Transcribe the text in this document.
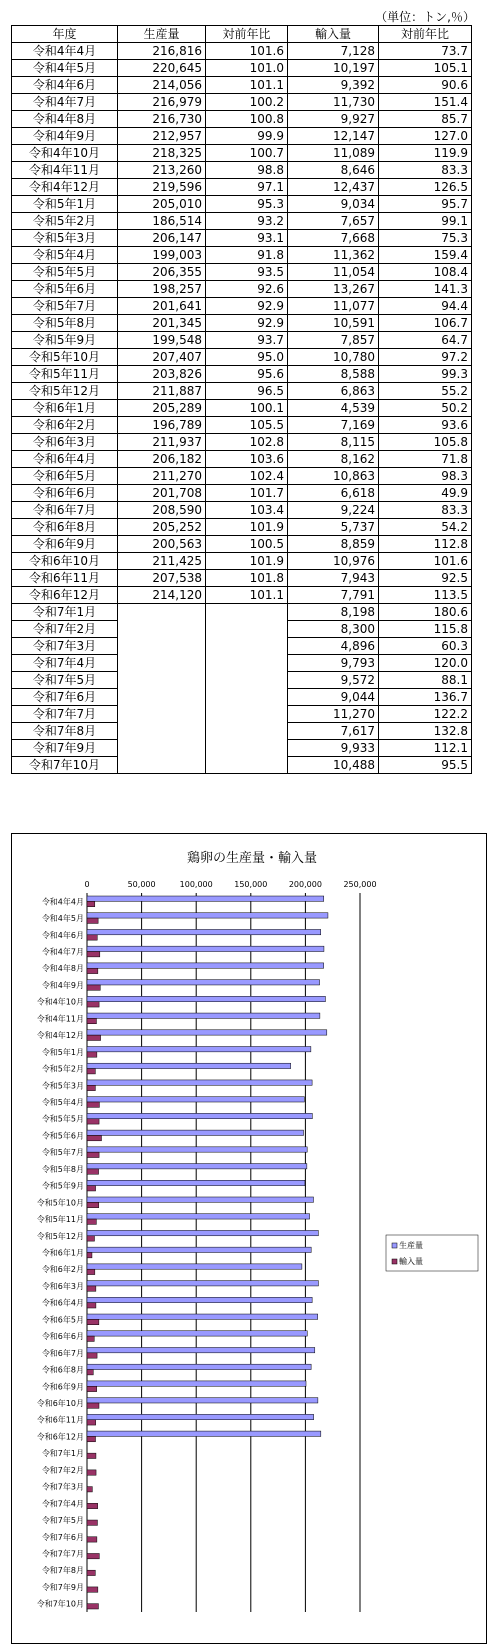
（単位：トン,％）
年度	生産量	対前年比	輸入量	対前年比
令和4年4月	216,816	101.6	7,128	73.7
令和4年5月	220,645	101.0	10,197	105.1
令和4年6月	214,056	101.1	9,392	90.6
令和4年7月	216,979	100.2	11,730	151.4
令和4年8月	216,730	100.8	9,927	85.7
令和4年9月	212,957	99.9	12,147	127.0
令和4年10月	218,325	100.7	11,089	119.9
令和4年11月	213,260	98.8	8,646	83.3
令和4年12月	219,596	97.1	12,437	126.5
令和5年1月	205,010	95.3	9,034	95.7
令和5年2月	186,514	93.2	7,657	99.1
令和5年3月	206,147	93.1	7,668	75.3
令和5年4月	199,003	91.8	11,362	159.4
令和5年5月	206,355	93.5	11,054	108.4
令和5年6月	198,257	92.6	13,267	141.3
令和5年7月	201,641	92.9	11,077	94.4
令和5年8月	201,345	92.9	10,591	106.7
令和5年9月	199,548	93.7	7,857	64.7
令和5年10月	207,407	95.0	10,780	97.2
令和5年11月	203,826	95.6	8,588	99.3
令和5年12月	211,887	96.5	6,863	55.2
令和6年1月	205,289	100.1	4,539	50.2
令和6年2月	196,789	105.5	7,169	93.6
令和6年3月	211,937	102.8	8,115	105.8
令和6年4月	206,182	103.6	8,162	71.8
令和6年5月	211,270	102.4	10,863	98.3
令和6年6月	201,708	101.7	6,618	49.9
令和6年7月	208,590	103.4	9,224	83.3
令和6年8月	205,252	101.9	5,737	54.2
令和6年9月	200,563	100.5	8,859	112.8
令和6年10月	211,425	101.9	10,976	101.6
令和6年11月	207,538	101.8	7,943	92.5
令和6年12月	214,120	101.1	7,791	113.5
令和7年1月			8,198	180.6
令和7年2月			8,300	115.8
令和7年3月			4,896	60.3
令和7年4月			9,793	120.0
令和7年5月			9,572	88.1
令和7年6月			9,044	136.7
令和7年7月			11,270	122.2
令和7年8月			7,617	132.8
令和7年9月			9,933	112.1
令和7年10月			10,488	95.5
鶏卵の生産量・輸入量
0	50,000	100,000	150,000	200,000	250,000
令和4年4月
令和4年5月
令和4年6月
令和4年7月
令和4年8月
令和4年9月
令和4年10月
令和4年11月
令和4年12月
令和5年1月
令和5年2月
令和5年3月
令和5年4月
令和5年5月
令和5年6月
令和5年7月
令和5年8月
令和5年9月
令和5年10月
令和5年11月
令和5年12月
令和6年1月
令和6年2月
令和6年3月
令和6年4月
令和6年5月
令和6年6月
令和6年7月
令和6年8月
令和6年9月
令和6年10月
令和6年11月
令和6年12月
令和7年1月
令和7年2月
令和7年3月
令和7年4月
令和7年5月
令和7年6月
令和7年7月
令和7年8月
令和7年9月
令和7年10月
生産量
輸入量
